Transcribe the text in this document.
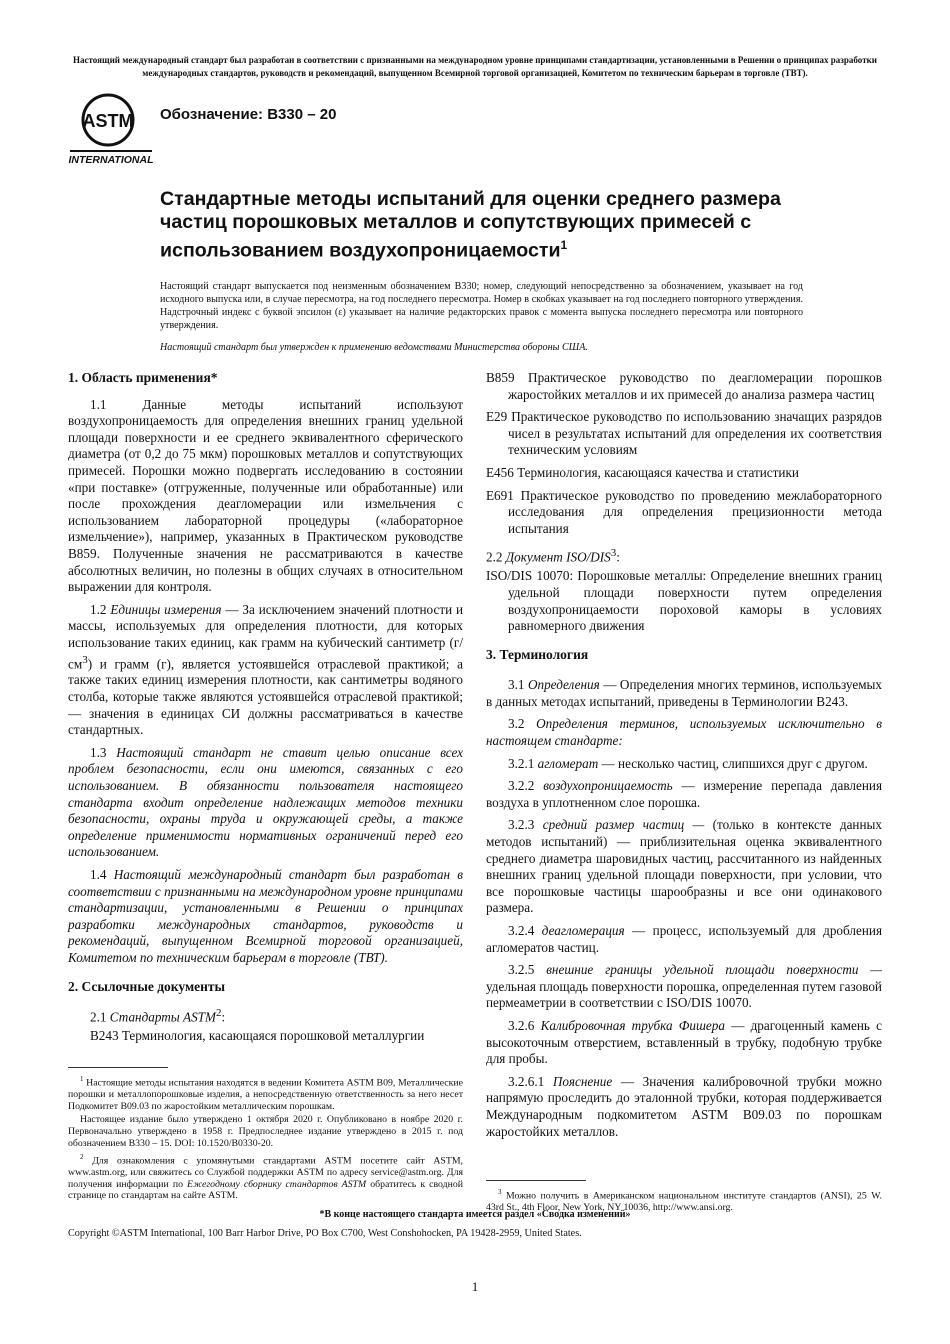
Настоящий международный стандарт был разработан в соответствии с признанными на международном уровне принципами стандартизации, установленными в Решении о принципах разработки международных стандартов, руководств и рекомендаций, выпущенном Всемирной торговой организацией, Комитетом по техническим барьерам в торговле (ТВТ).
ASTM
INTERNATIONAL
Обозначение: B330 – 20
Стандартные методы испытаний для оценки среднего размера частиц порошковых металлов и сопутствующих примесей с использованием воздухопроницаемости$^1$

Настоящий стандарт выпускается под неизменным обозначением B330; номер, следующий непосредственно за обозначением, указывает на год исходного выпуска или, в случае пересмотра, на год последнего пересмотра. Номер в скобках указывает на год последнего повторного утверждения. Надстрочный индекс с буквой эпсилон (ε) указывает на наличие редакторских правок с момента выпуска последнего пересмотра или повторного утверждения.

Настоящий стандарт был утвержден к применению ведомствами Министерства обороны США.

1. Область применения*

1.1 Данные методы испытаний используют воздухопроницаемость для определения внешних границ удельной площади поверхности и ее среднего эквивалентного сферического диаметра (от 0,2 до 75 мкм) порошковых металлов и сопутствующих примесей. Порошки можно подвергать исследованию в состоянии «при поставке» (отгруженные, полученные или обработанные) или после прохождения деагломерации или измельчения с использованием лабораторной процедуры («лабораторное измельчение»), например, указанных в Практическом руководстве B859. Полученные значения не рассматриваются в качестве абсолютных величин, но полезны в общих случаях в относительном выражении для контроля.

1.2 Единицы измерения — За исключением значений плотности и массы, используемых для определения плотности, для которых использование таких единиц, как грамм на кубический сантиметр $(г/см^3)$ и грамм (г), является устоявшейся отраслевой практикой; а также таких единиц измерения плотности, как сантиметры водяного столба, которые также являются устоявшейся отраслевой практикой; — значения в единицах СИ должны рассматриваться в качестве стандартных.

1.3 Настоящий стандарт не ставит целью описание всех проблем безопасности, если они имеются, связанных с его использованием. В обязанности пользователя настоящего стандарта входит определение надлежащих методов техники безопасности, охраны труда и окружающей среды, а также определение применимости нормативных ограничений перед его использованием.

1.4 Настоящий международный стандарт был разработан в соответствии с признанными на международном уровне принципами стандартизации, установленными в Решении о принципах разработки международных стандартов, руководств и рекомендаций, выпущенном Всемирной торговой организацией, Комитетом по техническим барьерам в торговле (ТВТ).

2. Ссылочные документы

2.1 Стандарты ASTM$^2$:

B243 Терминология, касающаяся порошковой металлургии

$^1$ Настоящие методы испытания находятся в ведении Комитета ASTM B09, Металлические порошки и металлопорошковые изделия, а непосредственную ответственность за него несет Подкомитет B09.03 по жаростойким металлическим порошкам.

Настоящее издание было утверждено 1 октября 2020 г. Опубликовано в ноябре 2020 г. Первоначально утверждено в 1958 г. Предпоследнее издание утверждено в 2015 г. под обозначением B330 – 15. DOI: 10.1520/B0330-20.

$^2$ Для ознакомления с упомянутыми стандартами ASTM посетите сайт ASTM, www.astm.org, или свяжитесь со Службой поддержки ASTM по адресу service@astm.org. Для получения информации по Ежегодному сборнику стандартов ASTM обратитесь к сводной странице по стандартам на сайте ASTM.

B859 Практическое руководство по деагломерации порошков жаростойких металлов и их примесей до анализа размера частиц

E29 Практическое руководство по использованию значащих разрядов чисел в результатах испытаний для определения их соответствия техническим условиям

E456 Терминология, касающаяся качества и статистики

E691 Практическое руководство по проведению межлабораторного исследования для определения прецизионности метода испытания

2.2 Документ ISO/DIS$^3$:

ISO/DIS 10070: Порошковые металлы: Определение внешних границ удельной площади поверхности путем определения воздухопроницаемости пороховой каморы в условиях равномерного движения

3. Терминология

3.1 Определения — Определения многих терминов, используемых в данных методах испытаний, приведены в Терминологии B243.

3.2 Определения терминов, используемых исключительно в настоящем стандарте:

3.2.1 агломерат — несколько частиц, слипшихся друг с другом.

3.2.2 воздухопроницаемость — измерение перепада давления воздуха в уплотненном слое порошка.

3.2.3 средний размер частиц — (только в контексте данных методов испытаний) — приблизительная оценка эквивалентного среднего диаметра шаровидных частиц, рассчитанного из найденных внешних границ удельной площади поверхности, при условии, что все порошковые частицы шарообразны и все они одинакового размера.

3.2.4 деагломерация — процесс, используемый для дробления агломератов частиц.

3.2.5 внешние границы удельной площади поверхности — удельная площадь поверхности порошка, определенная путем газовой пермеаметрии в соответствии с ISO/DIS 10070.

3.2.6 Калибровочная трубка Фишера — драгоценный камень с высокоточным отверстием, вставленный в трубку, подобную трубке для пробы.

3.2.6.1 Пояснение — Значения калибровочной трубки можно напрямую проследить до эталонной трубки, которая поддерживается Международным подкомитетом ASTM B09.03 по порошкам жаростойких металлов.

$^3$ Можно получить в Американском национальном институте стандартов (ANSI), 25 W. 43rd St., 4th Floor, New York, NY 10036, http://www.ansi.org.

*В конце настоящего стандарта имеется раздел «Сводка изменений»
Copyright ©ASTM International, 100 Barr Harbor Drive, PO Box C700, West Conshohocken, PA 19428-2959, United States.
1
